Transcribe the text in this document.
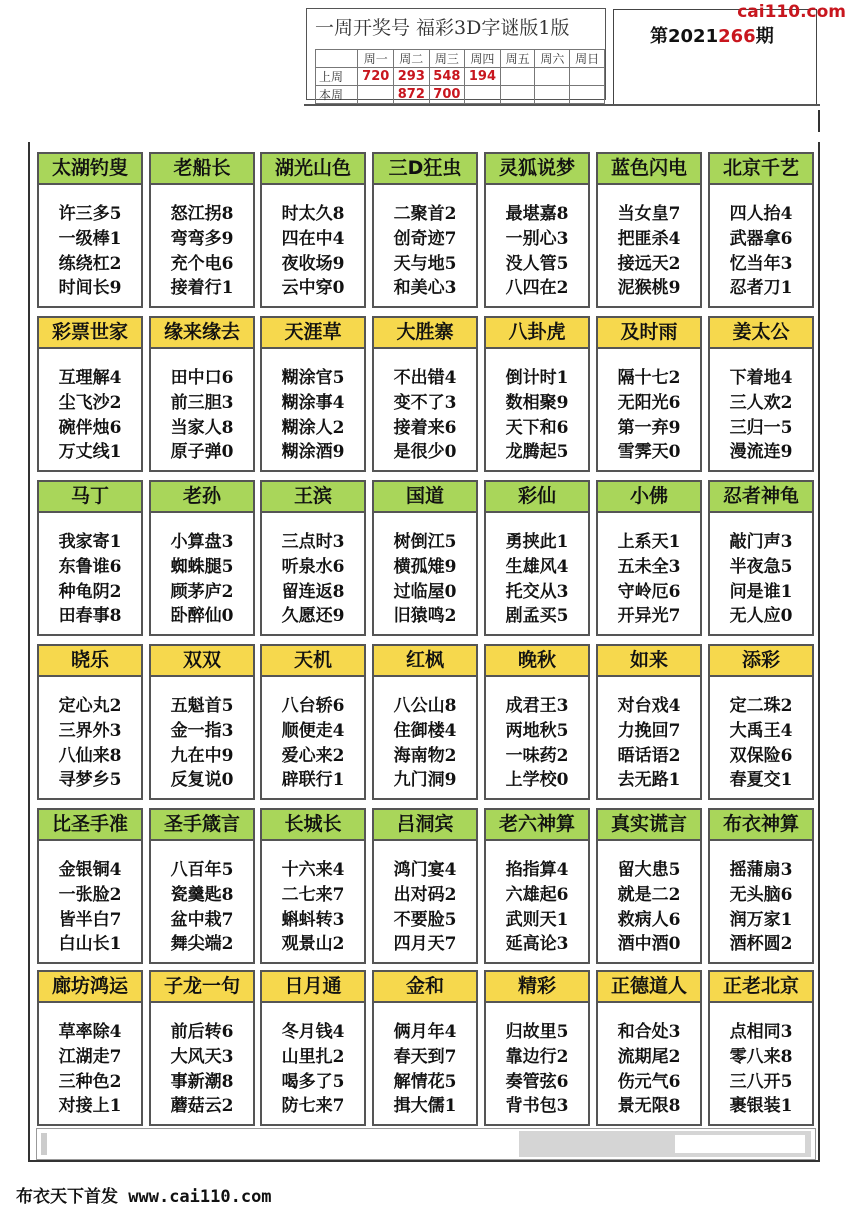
一周开奖号 福彩3D字谜版1版
	周一	周二	周三	周四	周五	周六	周日
上周	720	293	548	194			
本周		872	700				
第2021266期
cai110.com
太湖钓叟
许三多5
一级棒1
练绕杠2
时间长9
老船长
怒江拐8
弯弯多9
充个电6
接着行1
湖光山色
时太久8
四在中4
夜收场9
云中穿0
三D狂虫
二聚首2
创奇迹7
天与地5
和美心3
灵狐说梦
最堪嘉8
一别心3
没人管5
八四在2
蓝色闪电
当女皇7
把匪杀4
接远天2
泥猴桃9
北京千艺
四人抬4
武器拿6
忆当年3
忍者刀1
彩票世家
互理解4
尘飞沙2
碗伴烛6
万丈线1
缘来缘去
田中口6
前三胆3
当家人8
原子弹0
天涯草
糊涂官5
糊涂事4
糊涂人2
糊涂酒9
大胜寨
不出错4
变不了3
接着来6
是很少0
八卦虎
倒计时1
数相聚9
天下和6
龙腾起5
及时雨
隔十七2
无阳光6
第一弃9
雪霁天0
姜太公
下着地4
三人欢2
三归一5
漫流连9
马丁
我家寄1
东鲁谁6
种龟阴2
田春事8
老孙
小算盘3
蜘蛛腿5
顾茅庐2
卧醉仙0
王滨
三点时3
听泉水6
留连返8
久愿还9
国道
树倒江5
横孤雉9
过临屋0
旧猿鸣2
彩仙
勇挟此1
生雄风4
托交从3
剧孟买5
小佛
上系天1
五未全3
守岭厄6
开异光7
忍者神龟
敲门声3
半夜急5
问是谁1
无人应0
晓乐
定心丸2
三界外3
八仙来8
寻梦乡5
双双
五魁首5
金一指3
九在中9
反复说0
天机
八台轿6
顺便走4
爱心来2
辟联行1
红枫
八公山8
住御楼4
海南物2
九门洞9
晚秋
成君王3
两地秋5
一味药2
上学校0
如来
对台戏4
力挽回7
晤话语2
去无路1
添彩
定二珠2
大禹王4
双保险6
春夏交1
比圣手准
金银铜4
一张脸2
皆半白7
白山长1
圣手箴言
八百年5
瓷羹匙8
盆中栽7
舞尖端2
长城长
十六来4
二七来7
蝌蚪转3
观景山2
吕洞宾
鸿门宴4
出对码2
不要脸5
四月天7
老六神算
掐指算4
六雄起6
武则天1
延高论3
真实谎言
留大患5
就是二2
救病人6
酒中酒0
布衣神算
摇蒲扇3
无头脑6
润万家1
酒杯圆2
廊坊鸿运
草率除4
江湖走7
三种色2
对接上1
子龙一句
前后转6
大风天3
事新潮8
蘑菇云2
日月通
冬月钱4
山里扎2
喝多了5
防七来7
金和
俩月年4
春天到7
解情花5
揖大儒1
精彩
归故里5
靠边行2
奏管弦6
背书包3
正德道人
和合处3
流期尾2
伤元气6
景无限8
正老北京
点相同3
零八来8
三八开5
裹银装1
布衣天下首发 www.cai110.com
